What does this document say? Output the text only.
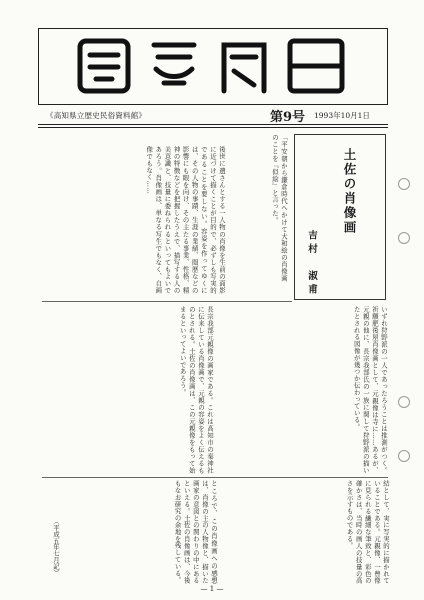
《高知県立歴史民俗資料館》	第9号 1993年10月1日
「平安朝から鎌倉時代へかけて大和絵の肖像画のことを『似絵』と言った。
後世に遺さんとする一人物の肖像を生前の面影に近づけて描くことが目的で、必ずしも写実的であることを要しない。容姿を作ってゆくには、その人物の事蹟、生涯の業績、閲歴などの影響にも眼を向け、その主たる事業、性格、精神の特徴などを把握したうえで、描写する人の美意識と、技量に委ねられるといってもよいであろう。肖像画は、単なる写生でもなく、自画像でもなく……	土佐の肖像画
吉村　淑甫
いずれ狩野派の一人であったろうことは推測がつく。祈願肥後屋肖像画として、元親像は寺に……あるが、元親の他に、長宗我部氏の一族に関して狩野派の描いたとされる図像が幾つか伝わっている。
長宗我部元親像の画家である。これは高知市の秦神社に伝来している肖像画で、元親の容姿をよく伝えるものとされる。土佐の肖像画は、この元親像をもって始まるといってよいであろう。
結として、実に写実的に描かれていることである。元親像、一豊像に見られる繊細な筆致と、彩色の確かさは、当時の画人の技量の高さを示すものである。
ところで、この肖像画への感想は、肖像の主の人物像と、描いた画家の意図との関わりの中にあるといえる。土佐の肖像画は、今後もなお研究の余地を残している。
（平成五年七月記）
— 1 —
